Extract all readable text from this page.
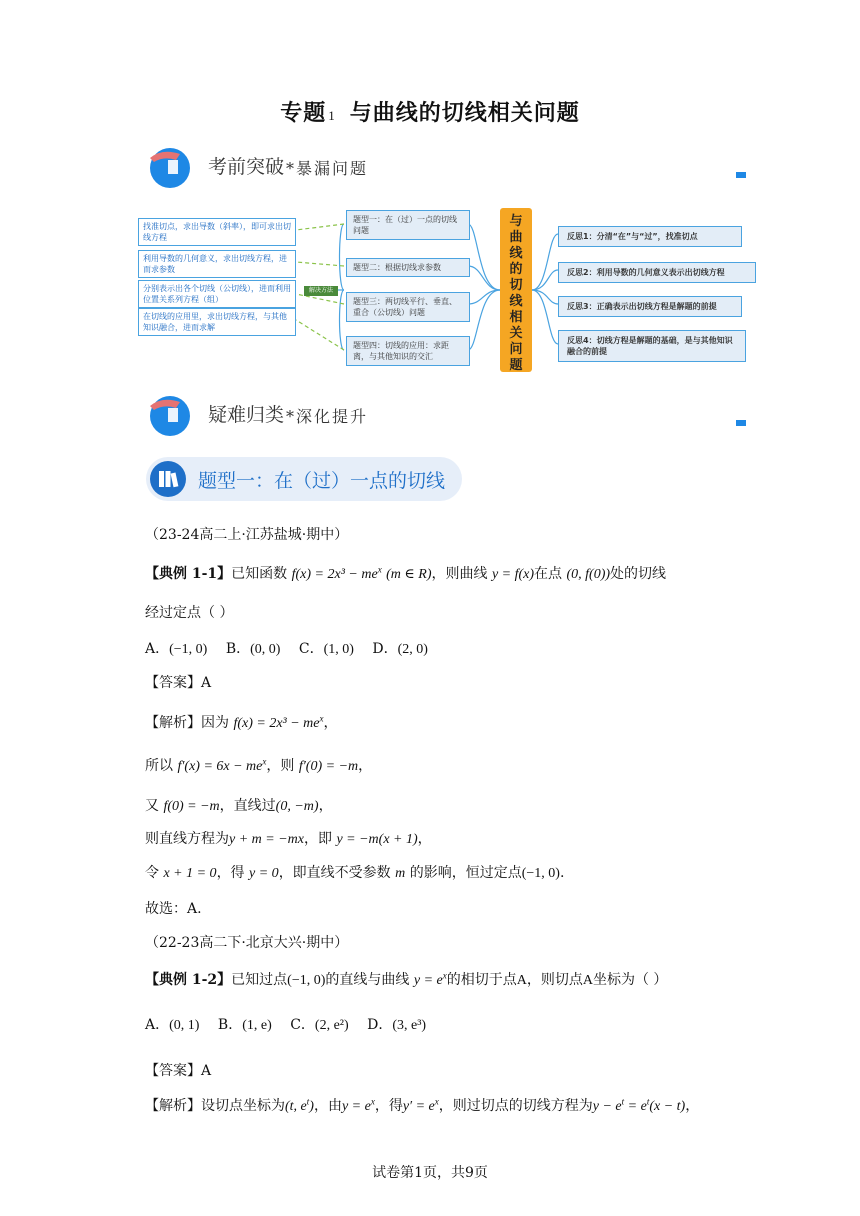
专题 1 与曲线的切线相关问题
考前突破 *暴漏问题
找准切点，求出导数（斜率），即可求出切线方程
利用导数的几何意义，求出切线方程，进而求参数
分别表示出各个切线（公切线），进而利用位置关系列方程（组）
在切线的应用里，求出切线方程，与其他知识融合，进而求解
解决方法
题型一：在（过）一点的切线问题
题型二：根据切线求参数
题型三：两切线平行、垂直、重合（公切线）问题
题型四：切线的应用：求距离，与其他知识的交汇
与
曲
线
的
切
线
相
关
问
题
反思1：分清“在”与“过”，找准切点
反思2：利用导数的几何意义表示出切线方程
反思3：正确表示出切线方程是解题的前提
反思4：切线方程是解题的基础，是与其他知识融合的前提
疑难归类 *深化提升
题型一：在（过）一点的切线
（23-24高二上·江苏盐城·期中）
【典例 1-1】已知函数 $f(x) = 2x^3 - me^x$ (m ∈ R)，则曲线 y = f(x)在点 (0, f(0))处的切线
经过定点（ ）
A．(−1, 0) B．(0, 0) C．(1, 0) D．(2, 0)
【答案】A
【解析】因为 $f(x) = 2x^3 - me^x$，
所以 $f'(x) = 6x - me^x$，则 f′(0) = −m，
又 f(0) = −m，直线过(0, −m)，
则直线方程为y + m = −mx，即 y = −m(x + 1)，
令 x + 1 = 0，得 y = 0，即直线不受参数 m 的影响，恒过定点(−1, 0).
故选：A.
（22-23高二下·北京大兴·期中）
【典例 1-2】已知过点(−1, 0)的直线与曲线 $y = e^x$的相切于点A，则切点A坐标为（ ）
A．(0, 1) B．(1, e) C．(2, e²) D．(3, e³)
【答案】A
【解析】设切点坐标为(t, $e^t$)，由$y = e^x$，得$y' = e^x$，则过切点的切线方程为$y - e^t = e^t(x - t)$，
试卷第1页，共9页
